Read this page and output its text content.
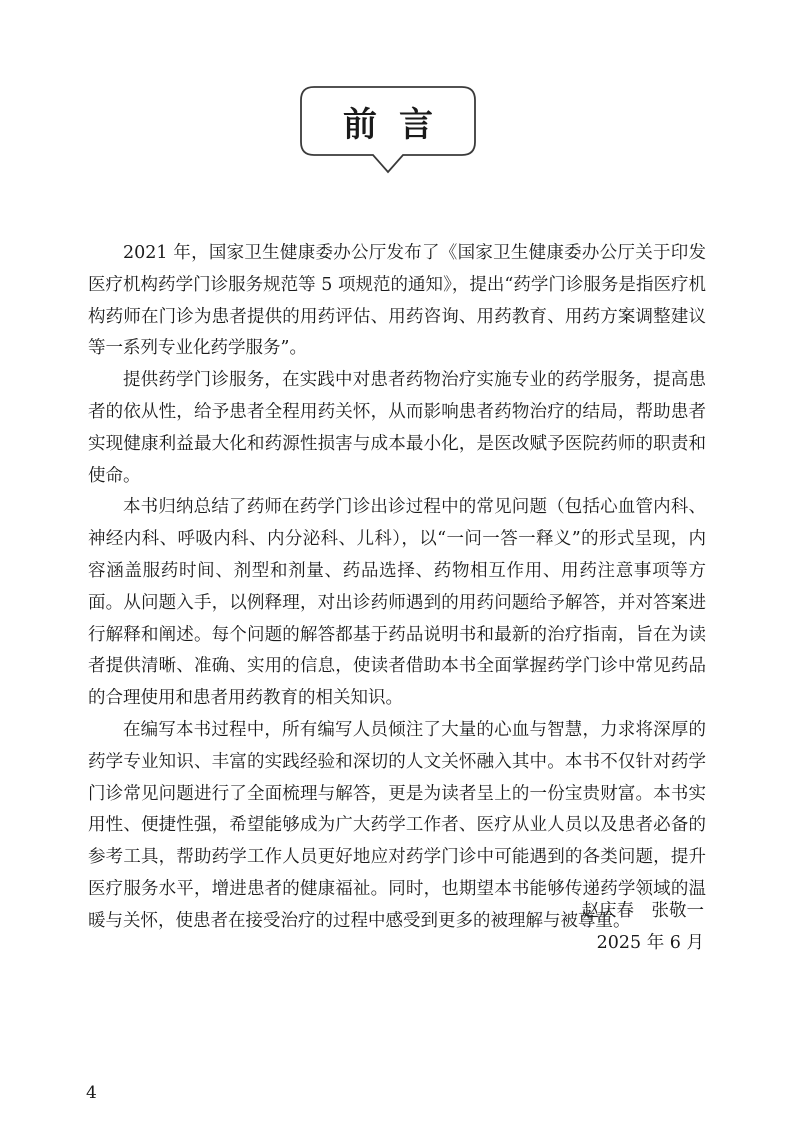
前言

2021 年，国家卫生健康委办公厅发布了《国家卫生健康委办公厅关于印发医疗机构药学门诊服务规范等 5 项规范的通知》，提出“药学门诊服务是指医疗机构药师在门诊为患者提供的用药评估、用药咨询、用药教育、用药方案调整建议等一系列专业化药学服务”。

提供药学门诊服务，在实践中对患者药物治疗实施专业的药学服务，提高患者的依从性，给予患者全程用药关怀，从而影响患者药物治疗的结局，帮助患者实现健康利益最大化和药源性损害与成本最小化，是医改赋予医院药师的职责和使命。

本书归纳总结了药师在药学门诊出诊过程中的常见问题（包括心血管内科、神经内科、呼吸内科、内分泌科、儿科），以“一问一答一释义”的形式呈现，内容涵盖服药时间、剂型和剂量、药品选择、药物相互作用、用药注意事项等方面。从问题入手，以例释理，对出诊药师遇到的用药问题给予解答，并对答案进行解释和阐述。每个问题的解答都基于药品说明书和最新的治疗指南，旨在为读者提供清晰、准确、实用的信息，使读者借助本书全面掌握药学门诊中常见药品的合理使用和患者用药教育的相关知识。

在编写本书过程中，所有编写人员倾注了大量的心血与智慧，力求将深厚的药学专业知识、丰富的实践经验和深切的人文关怀融入其中。本书不仅针对药学门诊常见问题进行了全面梳理与解答，更是为读者呈上的一份宝贵财富。本书实用性、便捷性强，希望能够成为广大药学工作者、医疗从业人员以及患者必备的参考工具，帮助药学工作人员更好地应对药学门诊中可能遇到的各类问题，提升医疗服务水平，增进患者的健康福祉。同时，也期望本书能够传递药学领域的温暖与关怀，使患者在接受治疗的过程中感受到更多的被理解与被尊重。

赵庆春　张敬一
2025 年 6 月
4
